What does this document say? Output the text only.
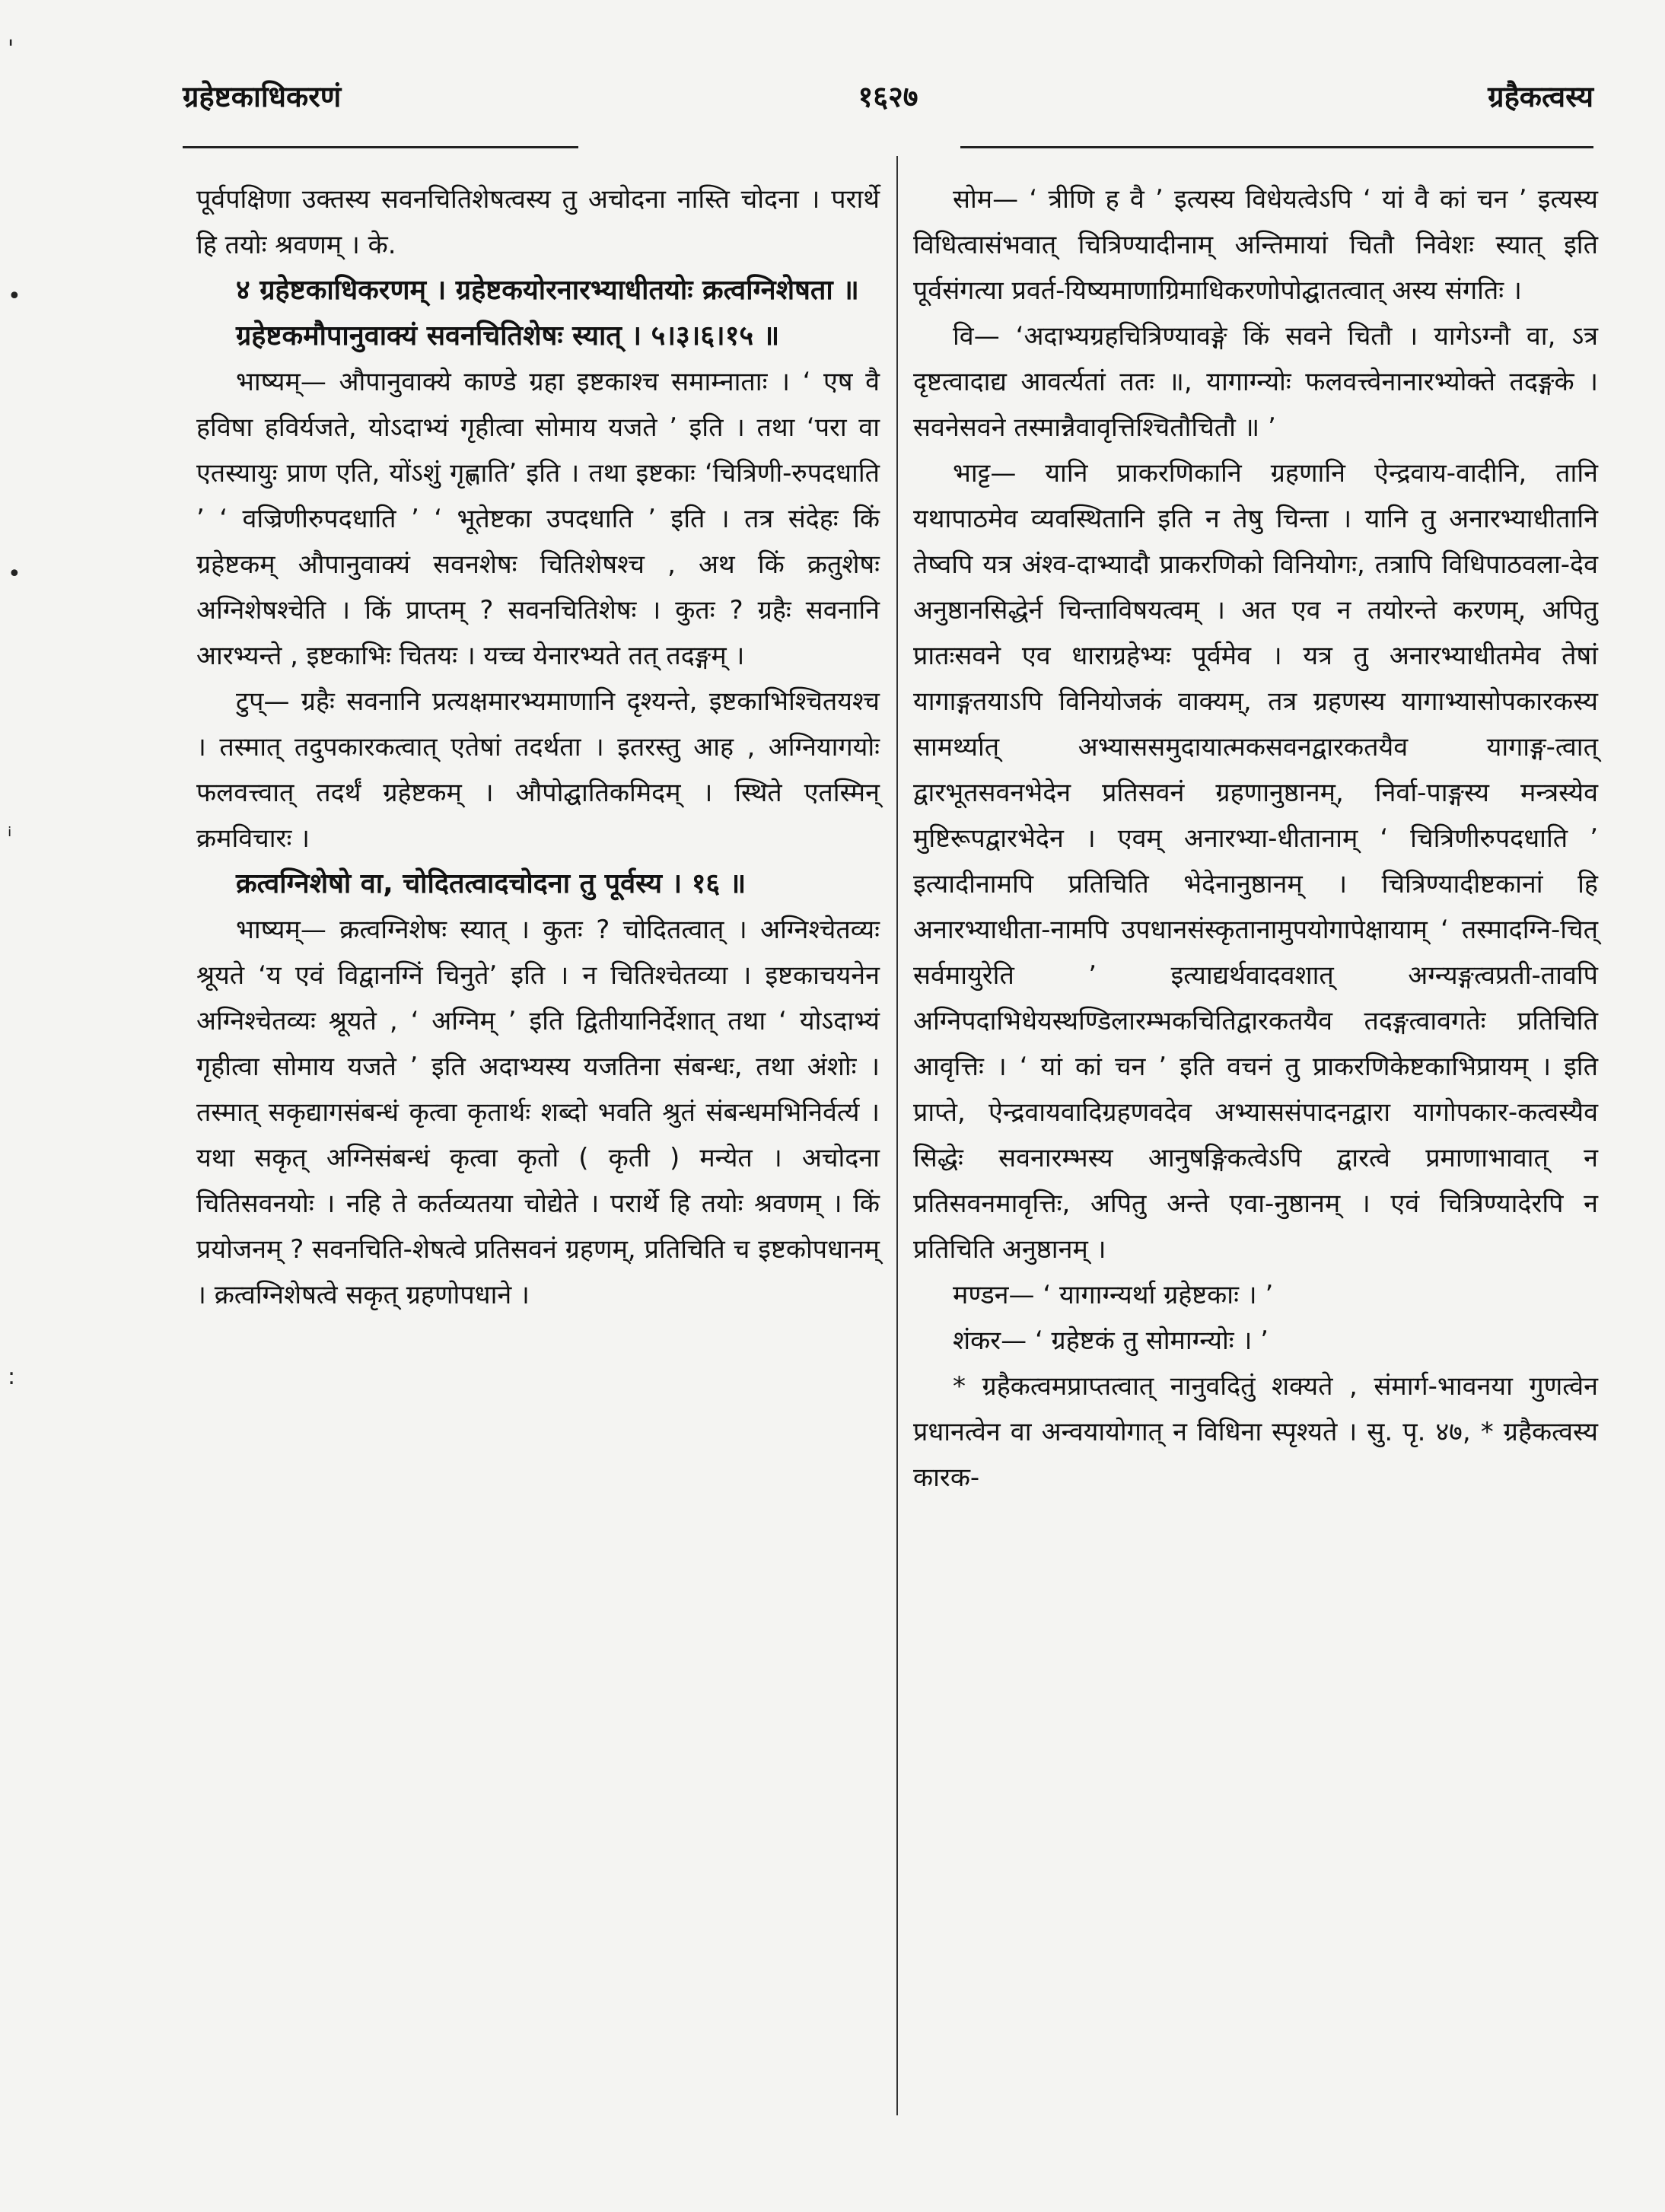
ग्रहेष्टकाधिकरणं	१६२७	ग्रहैकत्वस्य
'
•
•
ᵢ
:

पूर्वपक्षिणा उक्तस्य सवनचितिशेषत्वस्य तु अचोदना नास्ति चोदना । परार्थे हि तयोः श्रवणम् । के.

४ ग्रहेष्टकाधिकरणम् । ग्रहेष्टकयोरनारभ्याधीतयोः क्रत्वग्निशेषता ॥

ग्रहेष्टकमौपानुवाक्यं सवनचितिशेषः स्यात् । ५।३।६।१५ ॥

भाष्यम्— औपानुवाक्ये काण्डे ग्रहा इष्टकाश्च समाम्नाताः । ‘ एष वै हविषा हविर्यजते, योऽदाभ्यं गृहीत्वा सोमाय यजते ’ इति । तथा ‘परा वा एतस्यायुः प्राण एति, योंऽशुं गृह्णाति’ इति । तथा इष्टकाः ‘चित्रिणी-रुपदधाति ’ ‘ वज्रिणीरुपदधाति ’ ‘ भूतेष्टका उपदधाति ’ इति । तत्र संदेहः किं ग्रहेष्टकम् औपानुवाक्यं सवनशेषः चितिशेषश्च , अथ किं क्रतुशेषः अग्निशेषश्चेति । किं प्राप्तम् ? सवनचितिशेषः । कुतः ? ग्रहैः सवनानि आरभ्यन्ते , इष्टकाभिः चितयः । यच्च येनारभ्यते तत् तदङ्गम् ।

टुप्— ग्रहैः सवनानि प्रत्यक्षमारभ्यमाणानि दृश्यन्ते, इष्टकाभिश्चितयश्च । तस्मात् तदुपकारकत्वात् एतेषां तदर्थता । इतरस्तु आह , अग्नियागयोः फलवत्त्वात् तदर्थं ग्रहेष्टकम् । औपोद्घातिकमिदम् । स्थिते एतस्मिन् क्रमविचारः ।

क्रत्वग्निशेषो वा, चोदितत्वादचोदना तु पूर्वस्य । १६ ॥

भाष्यम्— क्रत्वग्निशेषः स्यात् । कुतः ? चोदितत्वात् । अग्निश्चेतव्यः श्रूयते ‘य एवं विद्वानग्निं चिनुते’ इति । न चितिश्चेतव्या । इष्टकाचयनेन अग्निश्चेतव्यः श्रूयते , ‘ अग्निम् ’ इति द्वितीयानिर्देशात् तथा ‘ योऽदाभ्यं गृहीत्वा सोमाय यजते ’ इति अदाभ्यस्य यजतिना संबन्धः, तथा अंशोः । तस्मात् सकृद्यागसंबन्धं कृत्वा कृतार्थः शब्दो भवति श्रुतं संबन्धमभिनिर्वर्त्य । यथा सकृत् अग्निसंबन्धं कृत्वा कृतो ( कृती ) मन्येत । अचोदना चितिसवनयोः । नहि ते कर्तव्यतया चोद्येते । परार्थे हि तयोः श्रवणम् । किं प्रयोजनम् ? सवनचिति-शेषत्वे प्रतिसवनं ग्रहणम्, प्रतिचिति च इष्टकोपधानम् । क्रत्वग्निशेषत्वे सकृत् ग्रहणोपधाने ।

सोम— ‘ त्रीणि ह वै ’ इत्यस्य विधेयत्वेऽपि ‘ यां वै कां चन ’ इत्यस्य विधित्वासंभवात् चित्रिण्यादीनाम् अन्तिमायां चितौ निवेशः स्यात् इति पूर्वसंगत्या प्रवर्त-यिष्यमाणाग्रिमाधिकरणोपोद्घातत्वात् अस्य संगतिः ।

वि— ‘अदाभ्यग्रहचित्रिण्यावङ्गे किं सवने चितौ । यागेऽग्नौ वा, ऽत्र दृष्टत्वादाद्य आवर्त्यतां ततः ॥, यागाग्न्योः फलवत्त्वेनानारभ्योक्ते तदङ्गके । सवनेसवने तस्मान्नैवावृत्तिश्चितौचितौ ॥ ’

भाट्ट— यानि प्राकरणिकानि ग्रहणानि ऐन्द्रवाय-वादीनि, तानि यथापाठमेव व्यवस्थितानि इति न तेषु चिन्ता । यानि तु अनारभ्याधीतानि तेष्वपि यत्र अंश्व-दाभ्यादौ प्राकरणिको विनियोगः, तत्रापि विधिपाठवला-देव अनुष्ठानसिद्धेर्न चिन्ताविषयत्वम् । अत एव न तयोरन्ते करणम्, अपितु प्रातःसवने एव धाराग्रहेभ्यः पूर्वमेव । यत्र तु अनारभ्याधीतमेव तेषां यागाङ्गतयाऽपि विनियोजकं वाक्यम्, तत्र ग्रहणस्य यागाभ्यासोपकारकस्य सामर्थ्यात् अभ्याससमुदायात्मकसवनद्वारकतयैव यागाङ्ग-त्वात् द्वारभूतसवनभेदेन प्रतिसवनं ग्रहणानुष्ठानम्, निर्वा-पाङ्गस्य मन्त्रस्येव मुष्टिरूपद्वारभेदेन । एवम् अनारभ्या-धीतानाम् ‘ चित्रिणीरुपदधाति ’ इत्यादीनामपि प्रतिचिति भेदेनानुष्ठानम् । चित्रिण्यादीष्टकानां हि अनारभ्याधीता-नामपि उपधानसंस्कृतानामुपयोगापेक्षायाम् ‘ तस्मादग्नि-चित् सर्वमायुरेति ’ इत्याद्यर्थवादवशात् अग्न्यङ्गत्वप्रती-तावपि अग्निपदाभिधेयस्थण्डिलारम्भकचितिद्वारकतयैव तदङ्गत्वावगतेः प्रतिचिति आवृत्तिः । ‘ यां कां चन ’ इति वचनं तु प्राकरणिकेष्टकाभिप्रायम् । इति प्राप्ते, ऐन्द्रवायवादिग्रहणवदेव अभ्याससंपादनद्वारा यागोपकार-कत्वस्यैव सिद्धेः सवनारम्भस्य आनुषङ्गिकत्वेऽपि द्वारत्वे प्रमाणाभावात् न प्रतिसवनमावृत्तिः, अपितु अन्ते एवा-नुष्ठानम् । एवं चित्रिण्यादेरपि न प्रतिचिति अनुष्ठानम् ।

मण्डन— ‘ यागाग्न्यर्था ग्रहेष्टकाः । ’

शंकर— ‘ ग्रहेष्टकं तु सोमाग्न्योः । ’

* ग्रहैकत्वमप्राप्तत्वात् नानुवदितुं शक्यते , संमार्ग-भावनया गुणत्वेन प्रधानत्वेन वा अन्वयायोगात् न विधिना स्पृश्यते । सु. पृ. ४७, * ग्रहैकत्वस्य कारक-
